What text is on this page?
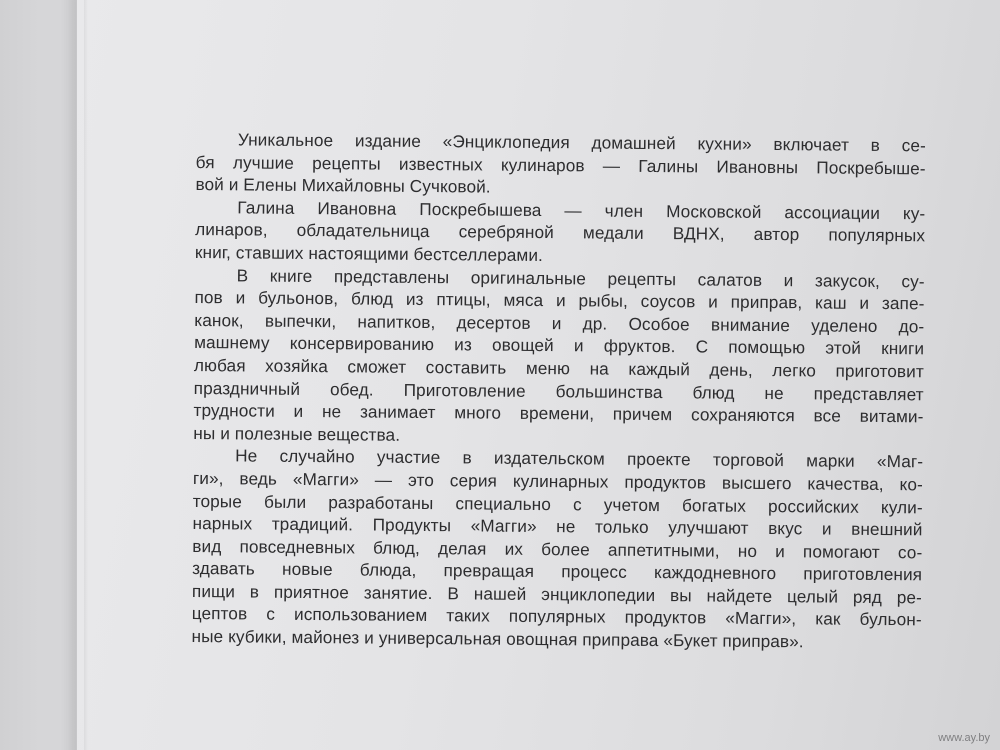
Уникальное издание «Энциклопедия домашней кухни» включает в се-
бя лучшие рецепты известных кулинаров — Галины Ивановны Поскребыше-
вой и Елены Михайловны Сучковой.

Галина Ивановна Поскребышева — член Московской ассоциации ку-
линаров, обладательница серебряной медали ВДНХ, автор популярных
книг, ставших настоящими бестселлерами.

В книге представлены оригинальные рецепты салатов и закусок, су-
пов и бульонов, блюд из птицы, мяса и рыбы, соусов и приправ, каш и запе-
канок, выпечки, напитков, десертов и др. Особое внимание уделено до-
машнему консервированию из овощей и фруктов. С помощью этой книги
любая хозяйка сможет составить меню на каждый день, легко приготовит
праздничный обед. Приготовление большинства блюд не представляет
трудности и не занимает много времени, причем сохраняются все витами-
ны и полезные вещества.

Не случайно участие в издательском проекте торговой марки «Маг-
ги», ведь «Магги» — это серия кулинарных продуктов высшего качества, ко-
торые были разработаны специально с учетом богатых российских кули-
нарных традиций. Продукты «Магги» не только улучшают вкус и внешний
вид повседневных блюд, делая их более аппетитными, но и помогают со-
здавать новые блюда, превращая процесс каждодневного приготовления
пищи в приятное занятие. В нашей энциклопедии вы найдете целый ряд ре-
цептов с использованием таких популярных продуктов «Магги», как бульон-
ные кубики, майонез и универсальная овощная приправа «Букет приправ».

www.ay.by
